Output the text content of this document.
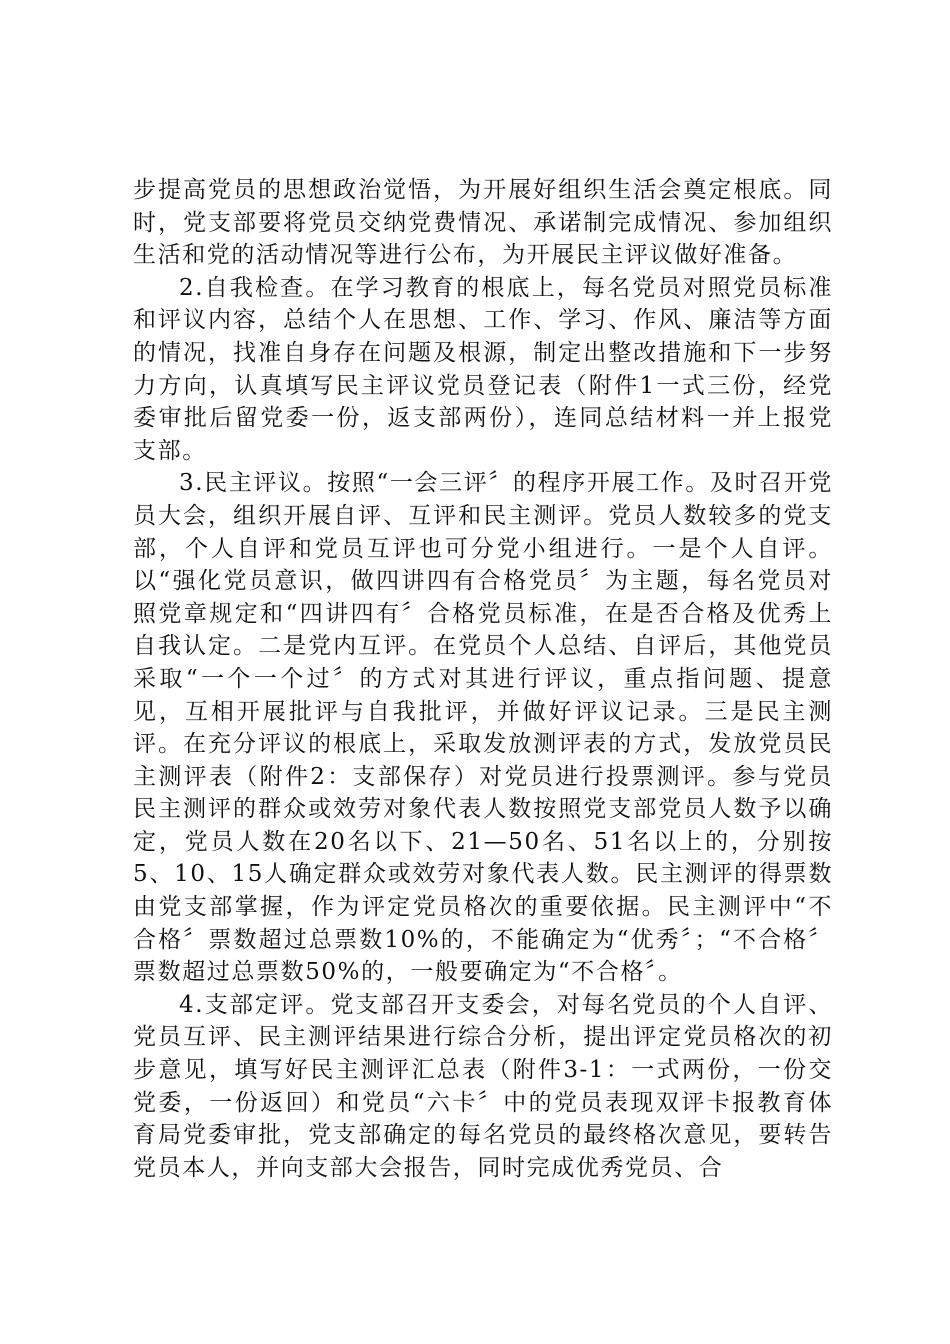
步提高党员的思想政治觉悟，为开展好组织生活会奠定根底。同时，党支部要将党员交纳党费情况、承诺制完成情况、参加组织生活和党的活动情况等进行公布，为开展民主评议做好准备。

2.自我检查。在学习教育的根底上，每名党员对照党员标准和评议内容，总结个人在思想、工作、学习、作风、廉洁等方面的情况，找准自身存在问题及根源，制定出整改措施和下一步努力方向，认真填写民主评议党员登记表（附件1一式三份，经党委审批后留党委一份，返支部两份），连同总结材料一并上报党支部。

3.民主评议。按照“一会三评〞的程序开展工作。及时召开党员大会，组织开展自评、互评和民主测评。党员人数较多的党支部，个人自评和党员互评也可分党小组进行。一是个人自评。以“强化党员意识，做四讲四有合格党员〞为主题，每名党员对照党章规定和“四讲四有〞合格党员标准，在是否合格及优秀上自我认定。二是党内互评。在党员个人总结、自评后，其他党员采取“一个一个过〞的方式对其进行评议，重点指问题、提意见，互相开展批评与自我批评，并做好评议记录。三是民主测评。在充分评议的根底上，采取发放测评表的方式，发放党员民主测评表（附件2：支部保存）对党员进行投票测评。参与党员民主测评的群众或效劳对象代表人数按照党支部党员人数予以确定，党员人数在20名以下、21—50名、51名以上的，分别按5、10、15人确定群众或效劳对象代表人数。民主测评的得票数由党支部掌握，作为评定党员格次的重要依据。民主测评中“不合格〞票数超过总票数10%的，不能确定为“优秀〞；“不合格〞票数超过总票数50%的，一般要确定为“不合格〞。

4.支部定评。党支部召开支委会，对每名党员的个人自评、党员互评、民主测评结果进行综合分析，提出评定党员格次的初步意见，填写好民主测评汇总表（附件3-1：一式两份，一份交党委，一份返回）和党员“六卡〞中的党员表现双评卡报教育体育局党委审批，党支部确定的每名党员的最终格次意见，要转告党员本人，并向支部大会报告，同时完成优秀党员、合
